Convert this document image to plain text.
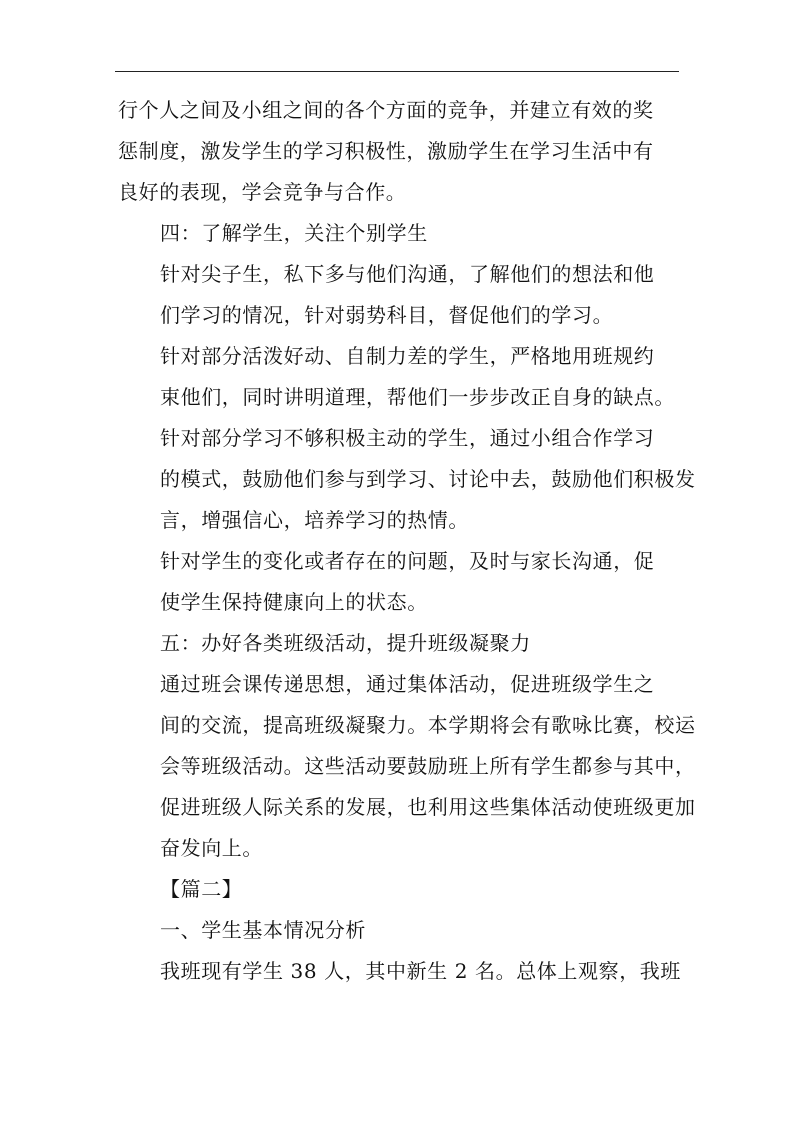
行个人之间及小组之间的各个方面的竞争，并建立有效的奖
惩制度，激发学生的学习积极性，激励学生在学习生活中有
良好的表现，学会竞争与合作。

四：了解学生，关注个别学生

针对尖子生，私下多与他们沟通，了解他们的想法和他
们学习的情况，针对弱势科目，督促他们的学习。

针对部分活泼好动、自制力差的学生，严格地用班规约
束他们，同时讲明道理，帮他们一步步改正自身的缺点。

针对部分学习不够积极主动的学生，通过小组合作学习
的模式，鼓励他们参与到学习、讨论中去，鼓励他们积极发
言，增强信心，培养学习的热情。

针对学生的变化或者存在的问题，及时与家长沟通，促
使学生保持健康向上的状态。

五：办好各类班级活动，提升班级凝聚力

通过班会课传递思想，通过集体活动，促进班级学生之
间的交流，提高班级凝聚力。本学期将会有歌咏比赛，校运
会等班级活动。这些活动要鼓励班上所有学生都参与其中，
促进班级人际关系的发展，也利用这些集体活动使班级更加
奋发向上。

【篇二】

一、学生基本情况分析

我班现有学生 38 人，其中新生 2 名。总体上观察，我班
